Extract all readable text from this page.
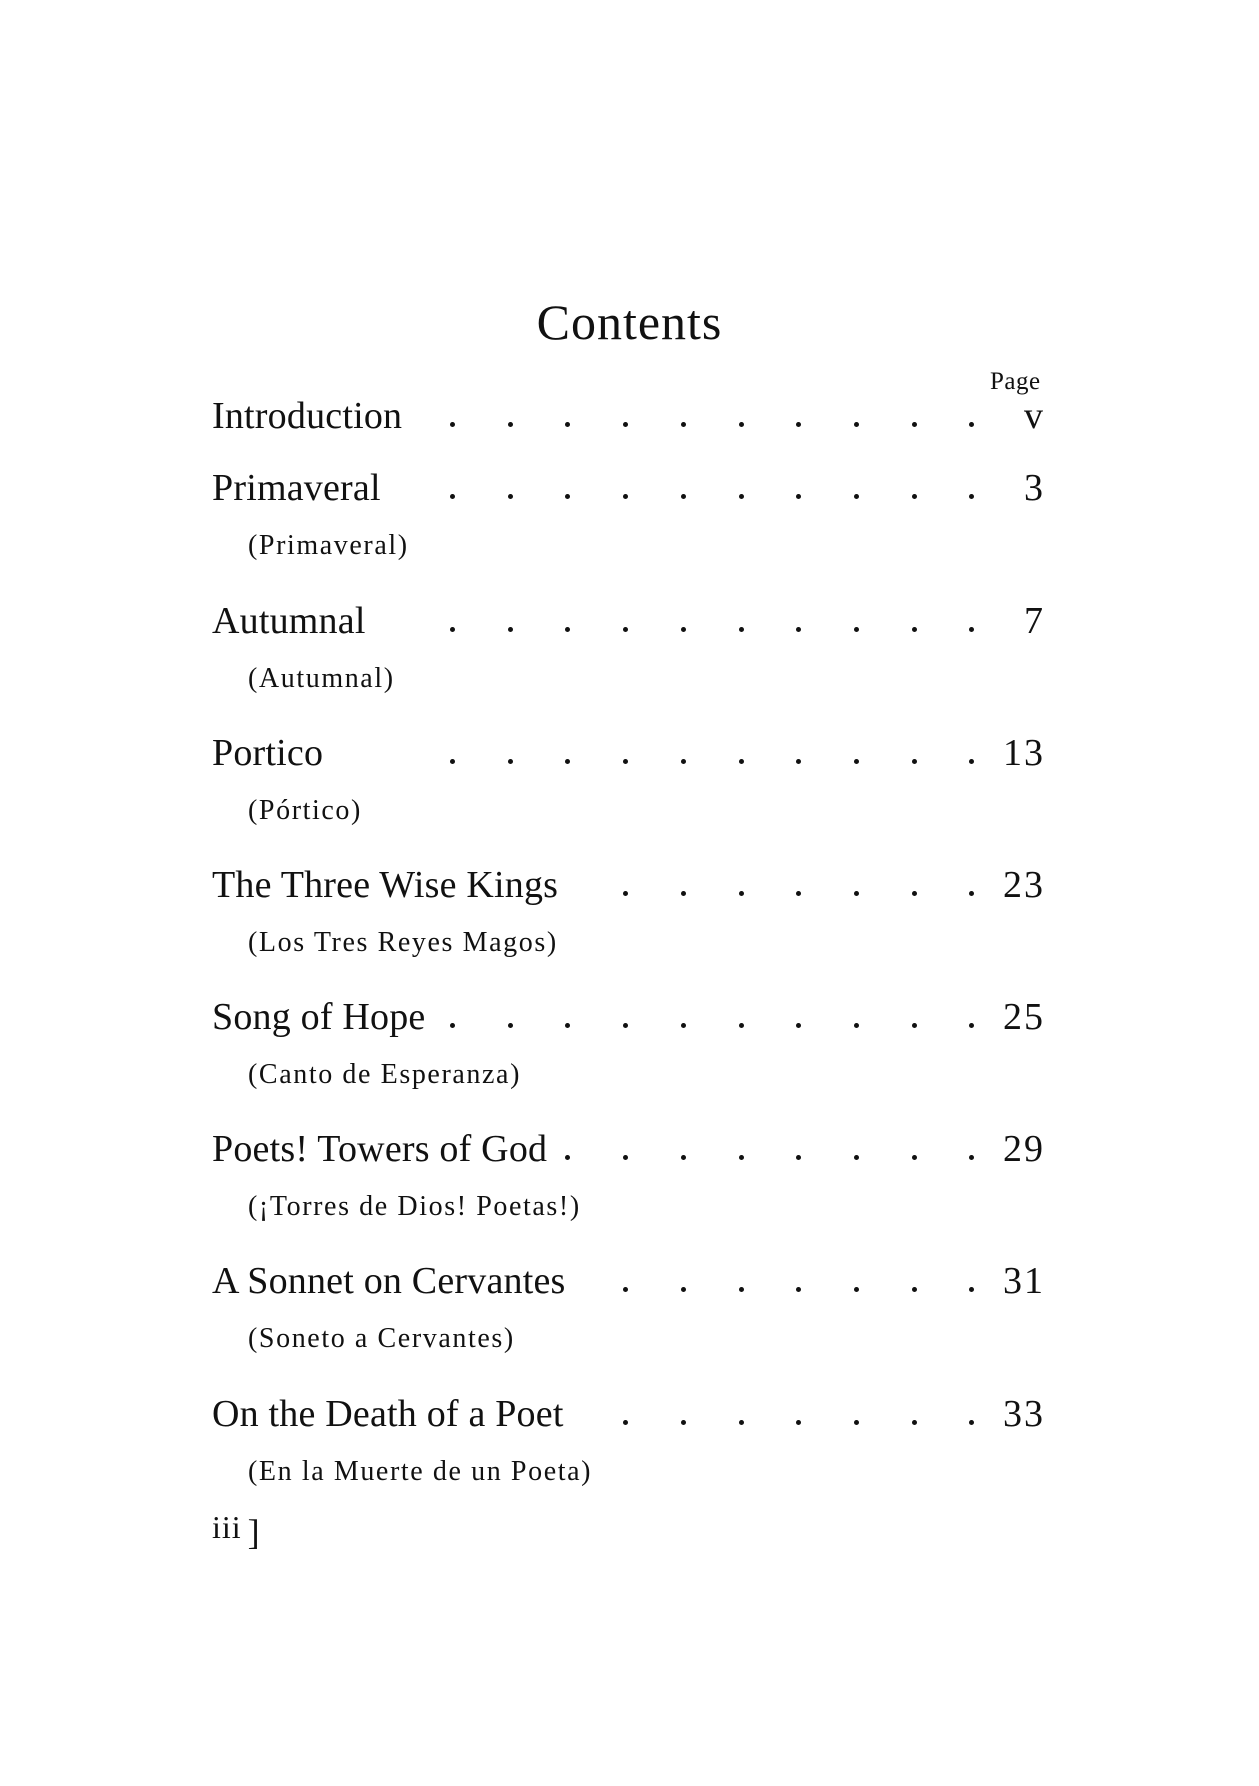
Contents
Page
Introduction	v
Primaveral	3
(Primaveral)
Autumnal	7
(Autumnal)
Portico	13
(Pórtico)
The Three Wise Kings	23
(Los Tres Reyes Magos)
Song of Hope	25
(Canto de Esperanza)
Poets! Towers of God	29
(¡Torres de Dios! Poetas!)
A Sonnet on Cervantes	31
(Soneto a Cervantes)
On the Death of a Poet	33
(En la Muerte de un Poeta)
iii ]
